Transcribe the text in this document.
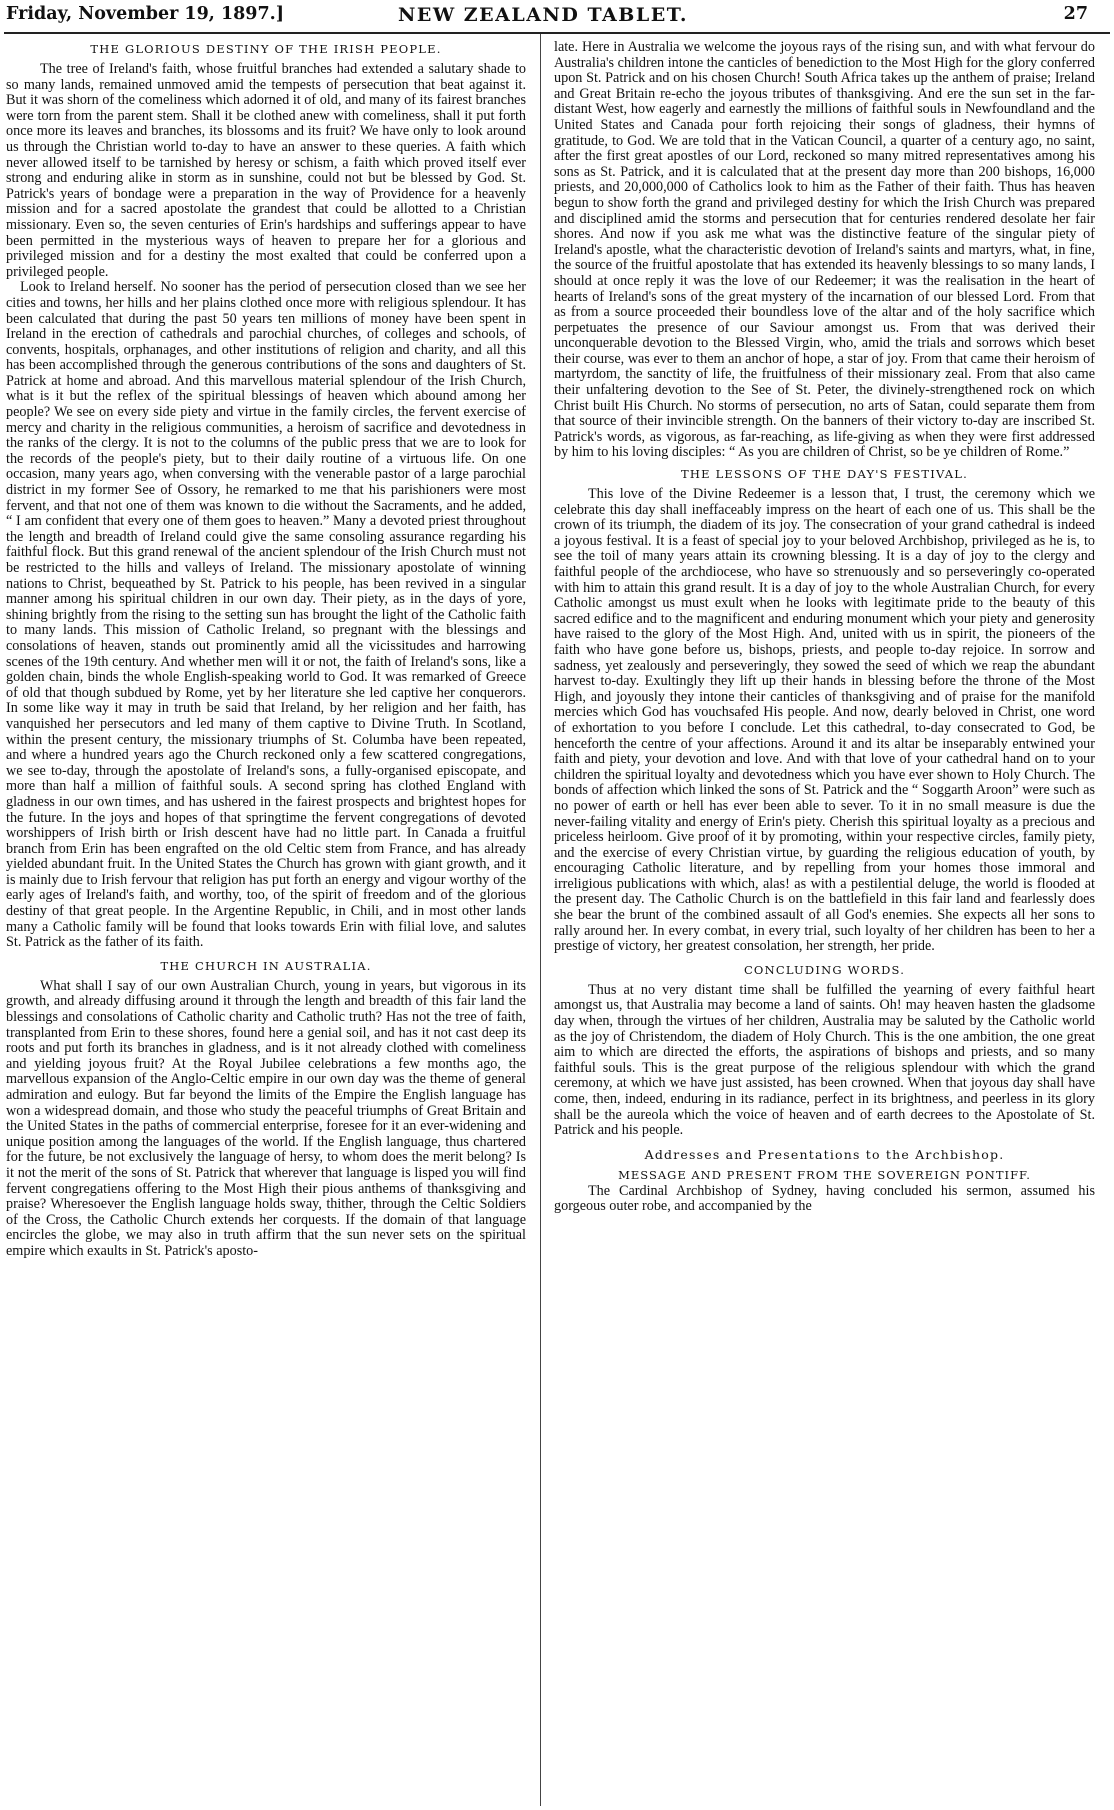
Friday, November 19, 1897.]	NEW ZEALAND TABLET.	27
THE GLORIOUS DESTINY OF THE IRISH PEOPLE.

The tree of Ireland's faith, whose fruitful branches had extended a salutary shade to so many lands, remained unmoved amid the tempests of persecution that beat against it. But it was shorn of the comeliness which adorned it of old, and many of its fairest branches were torn from the parent stem. Shall it be clothed anew with comeliness, shall it put forth once more its leaves and branches, its blossoms and its fruit? We have only to look around us through the Christian world to-day to have an answer to these queries. A faith which never allowed itself to be tarnished by heresy or schism, a faith which proved itself ever strong and enduring alike in storm as in sunshine, could not but be blessed by God. St. Patrick's years of bondage were a preparation in the way of Providence for a heavenly mission and for a sacred apostolate the grandest that could be allotted to a Christian missionary. Even so, the seven centuries of Erin's hardships and sufferings appear to have been permitted in the mysterious ways of heaven to prepare her for a glorious and privileged mission and for a destiny the most exalted that could be conferred upon a privileged people.

Look to Ireland herself. No sooner has the period of persecution closed than we see her cities and towns, her hills and her plains clothed once more with religious splendour. It has been calculated that during the past 50 years ten millions of money have been spent in Ireland in the erection of cathedrals and parochial churches, of colleges and schools, of convents, hospitals, orphanages, and other institutions of religion and charity, and all this has been accomplished through the generous contributions of the sons and daughters of St. Patrick at home and abroad. And this marvellous material splendour of the Irish Church, what is it but the reflex of the spiritual blessings of heaven which abound among her people? We see on every side piety and virtue in the family circles, the fervent exercise of mercy and charity in the religious communities, a heroism of sacrifice and devotedness in the ranks of the clergy. It is not to the columns of the public press that we are to look for the records of the people's piety, but to their daily routine of a virtuous life. On one occasion, many years ago, when conversing with the venerable pastor of a large parochial district in my former See of Ossory, he remarked to me that his parishioners were most fervent, and that not one of them was known to die without the Sacraments, and he added, “ I am confident that every one of them goes to heaven.” Many a devoted priest throughout the length and breadth of Ireland could give the same consoling assurance regarding his faithful flock. But this grand renewal of the ancient splendour of the Irish Church must not be restricted to the hills and valleys of Ireland. The missionary apostolate of winning nations to Christ, bequeathed by St. Patrick to his people, has been revived in a singular manner among his spiritual children in our own day. Their piety, as in the days of yore, shining brightly from the rising to the setting sun has brought the light of the Catholic faith to many lands. This mission of Catholic Ireland, so pregnant with the blessings and consolations of heaven, stands out prominently amid all the vicissitudes and harrowing scenes of the 19th century. And whether men will it or not, the faith of Ireland's sons, like a golden chain, binds the whole English-speaking world to God. It was remarked of Greece of old that though subdued by Rome, yet by her literature she led captive her conquerors. In some like way it may in truth be said that Ireland, by her religion and her faith, has vanquished her persecutors and led many of them captive to Divine Truth. In Scotland, within the present century, the missionary triumphs of St. Columba have been repeated, and where a hundred years ago the Church reckoned only a few scattered congregations, we see to-day, through the apostolate of Ireland's sons, a fully-organised episcopate, and more than half a million of faithful souls. A second spring has clothed England with gladness in our own times, and has ushered in the fairest prospects and brightest hopes for the future. In the joys and hopes of that springtime the fervent congregations of devoted worshippers of Irish birth or Irish descent have had no little part. In Canada a fruitful branch from Erin has been engrafted on the old Celtic stem from France, and has already yielded abundant fruit. In the United States the Church has grown with giant growth, and it is mainly due to Irish fervour that religion has put forth an energy and vigour worthy of the early ages of Ireland's faith, and worthy, too, of the spirit of freedom and of the glorious destiny of that great people. In the Argentine Republic, in Chili, and in most other lands many a Catholic family will be found that looks towards Erin with filial love, and salutes St. Patrick as the father of its faith.

THE CHURCH IN AUSTRALIA.

What shall I say of our own Australian Church, young in years, but vigorous in its growth, and already diffusing around it through the length and breadth of this fair land the blessings and consolations of Catholic charity and Catholic truth? Has not the tree of faith, transplanted from Erin to these shores, found here a genial soil, and has it not cast deep its roots and put forth its branches in gladness, and is it not already clothed with comeliness and yielding joyous fruit? At the Royal Jubilee celebrations a few months ago, the marvellous expansion of the Anglo-Celtic empire in our own day was the theme of general admiration and eulogy. But far beyond the limits of the Empire the English language has won a widespread domain, and those who study the peaceful triumphs of Great Britain and the United States in the paths of commercial enterprise, foresee for it an ever-widening and unique position among the languages of the world. If the English language, thus chartered for the future, be not exclusively the language of hersy, to whom does the merit belong? Is it not the merit of the sons of St. Patrick that wherever that language is lisped you will find fervent congregatiens offering to the Most High their pious anthems of thanksgiving and praise? Wheresoever the English language holds sway, thither, through the Celtic Soldiers of the Cross, the Catholic Church extends her corquests. If the domain of that language encircles the globe, we may also in truth affirm that the sun never sets on the spiritual empire which exaults in St. Patrick's aposto-

late. Here in Australia we welcome the joyous rays of the rising sun, and with what fervour do Australia's children intone the canticles of benediction to the Most High for the glory conferred upon St. Patrick and on his chosen Church! South Africa takes up the anthem of praise; Ireland and Great Britain re-echo the joyous tributes of thanksgiving. And ere the sun set in the far-distant West, how eagerly and earnestly the millions of faithful souls in Newfoundland and the United States and Canada pour forth rejoicing their songs of gladness, their hymns of gratitude, to God. We are told that in the Vatican Council, a quarter of a century ago, no saint, after the first great apostles of our Lord, reckoned so many mitred representatives among his sons as St. Patrick, and it is calculated that at the present day more than 200 bishops, 16,000 priests, and 20,000,000 of Catholics look to him as the Father of their faith. Thus has heaven begun to show forth the grand and privileged destiny for which the Irish Church was prepared and disciplined amid the storms and persecution that for centuries rendered desolate her fair shores. And now if you ask me what was the distinctive feature of the singular piety of Ireland's apostle, what the characteristic devotion of Ireland's saints and martyrs, what, in fine, the source of the fruitful apostolate that has extended its heavenly blessings to so many lands, I should at once reply it was the love of our Redeemer; it was the realisation in the heart of hearts of Ireland's sons of the great mystery of the incarnation of our blessed Lord. From that as from a source proceeded their boundless love of the altar and of the holy sacrifice which perpetuates the presence of our Saviour amongst us. From that was derived their unconquerable devotion to the Blessed Virgin, who, amid the trials and sorrows which beset their course, was ever to them an anchor of hope, a star of joy. From that came their heroism of martyrdom, the sanctity of life, the fruitfulness of their missionary zeal. From that also came their unfaltering devotion to the See of St. Peter, the divinely-strengthened rock on which Christ built His Church. No storms of persecution, no arts of Satan, could separate them from that source of their invincible strength. On the banners of their victory to-day are inscribed St. Patrick's words, as vigorous, as far-reaching, as life-giving as when they were first addressed by him to his loving disciples: “ As you are children of Christ, so be ye children of Rome.”

THE LESSONS OF THE DAY'S FESTIVAL.

This love of the Divine Redeemer is a lesson that, I trust, the ceremony which we celebrate this day shall ineffaceably impress on the heart of each one of us. This shall be the crown of its triumph, the diadem of its joy. The consecration of your grand cathedral is indeed a joyous festival. It is a feast of special joy to your beloved Archbishop, privileged as he is, to see the toil of many years attain its crowning blessing. It is a day of joy to the clergy and faithful people of the archdiocese, who have so strenuously and so perseveringly co-operated with him to attain this grand result. It is a day of joy to the whole Australian Church, for every Catholic amongst us must exult when he looks with legitimate pride to the beauty of this sacred edifice and to the magnificent and enduring monument which your piety and generosity have raised to the glory of the Most High. And, united with us in spirit, the pioneers of the faith who have gone before us, bishops, priests, and people to-day rejoice. In sorrow and sadness, yet zealously and perseveringly, they sowed the seed of which we reap the abundant harvest to-day. Exultingly they lift up their hands in blessing before the throne of the Most High, and joyously they intone their canticles of thanksgiving and of praise for the manifold mercies which God has vouchsafed His people. And now, dearly beloved in Christ, one word of exhortation to you before I conclude. Let this cathedral, to-day consecrated to God, be henceforth the centre of your affections. Around it and its altar be inseparably entwined your faith and piety, your devotion and love. And with that love of your cathedral hand on to your children the spiritual loyalty and devotedness which you have ever shown to Holy Church. The bonds of affection which linked the sons of St. Patrick and the “ Soggarth Aroon” were such as no power of earth or hell has ever been able to sever. To it in no small measure is due the never-failing vitality and energy of Erin's piety. Cherish this spiritual loyalty as a precious and priceless heirloom. Give proof of it by promoting, within your respective circles, family piety, and the exercise of every Christian virtue, by guarding the religious education of youth, by encouraging Catholic literature, and by repelling from your homes those immoral and irreligious publications with which, alas! as with a pestilential deluge, the world is flooded at the present day. The Catholic Church is on the battlefield in this fair land and fearlessly does she bear the brunt of the combined assault of all God's enemies. She expects all her sons to rally around her. In every combat, in every trial, such loyalty of her children has been to her a prestige of victory, her greatest consolation, her strength, her pride.

CONCLUDING WORDS.

Thus at no very distant time shall be fulfilled the yearning of every faithful heart amongst us, that Australia may become a land of saints. Oh! may heaven hasten the gladsome day when, through the virtues of her children, Australia may be saluted by the Catholic world as the joy of Christendom, the diadem of Holy Church. This is the one ambition, the one great aim to which are directed the efforts, the aspirations of bishops and priests, and so many faithful souls. This is the great purpose of the religious splendour with which the grand ceremony, at which we have just assisted, has been crowned. When that joyous day shall have come, then, indeed, enduring in its radiance, perfect in its brightness, and peerless in its glory shall be the aureola which the voice of heaven and of earth decrees to the Apostolate of St. Patrick and his people.

Addresses and Presentations to the Archbishop.
MESSAGE AND PRESENT FROM THE SOVEREIGN PONTIFF.

The Cardinal Archbishop of Sydney, having concluded his sermon, assumed his gorgeous outer robe, and accompanied by the
